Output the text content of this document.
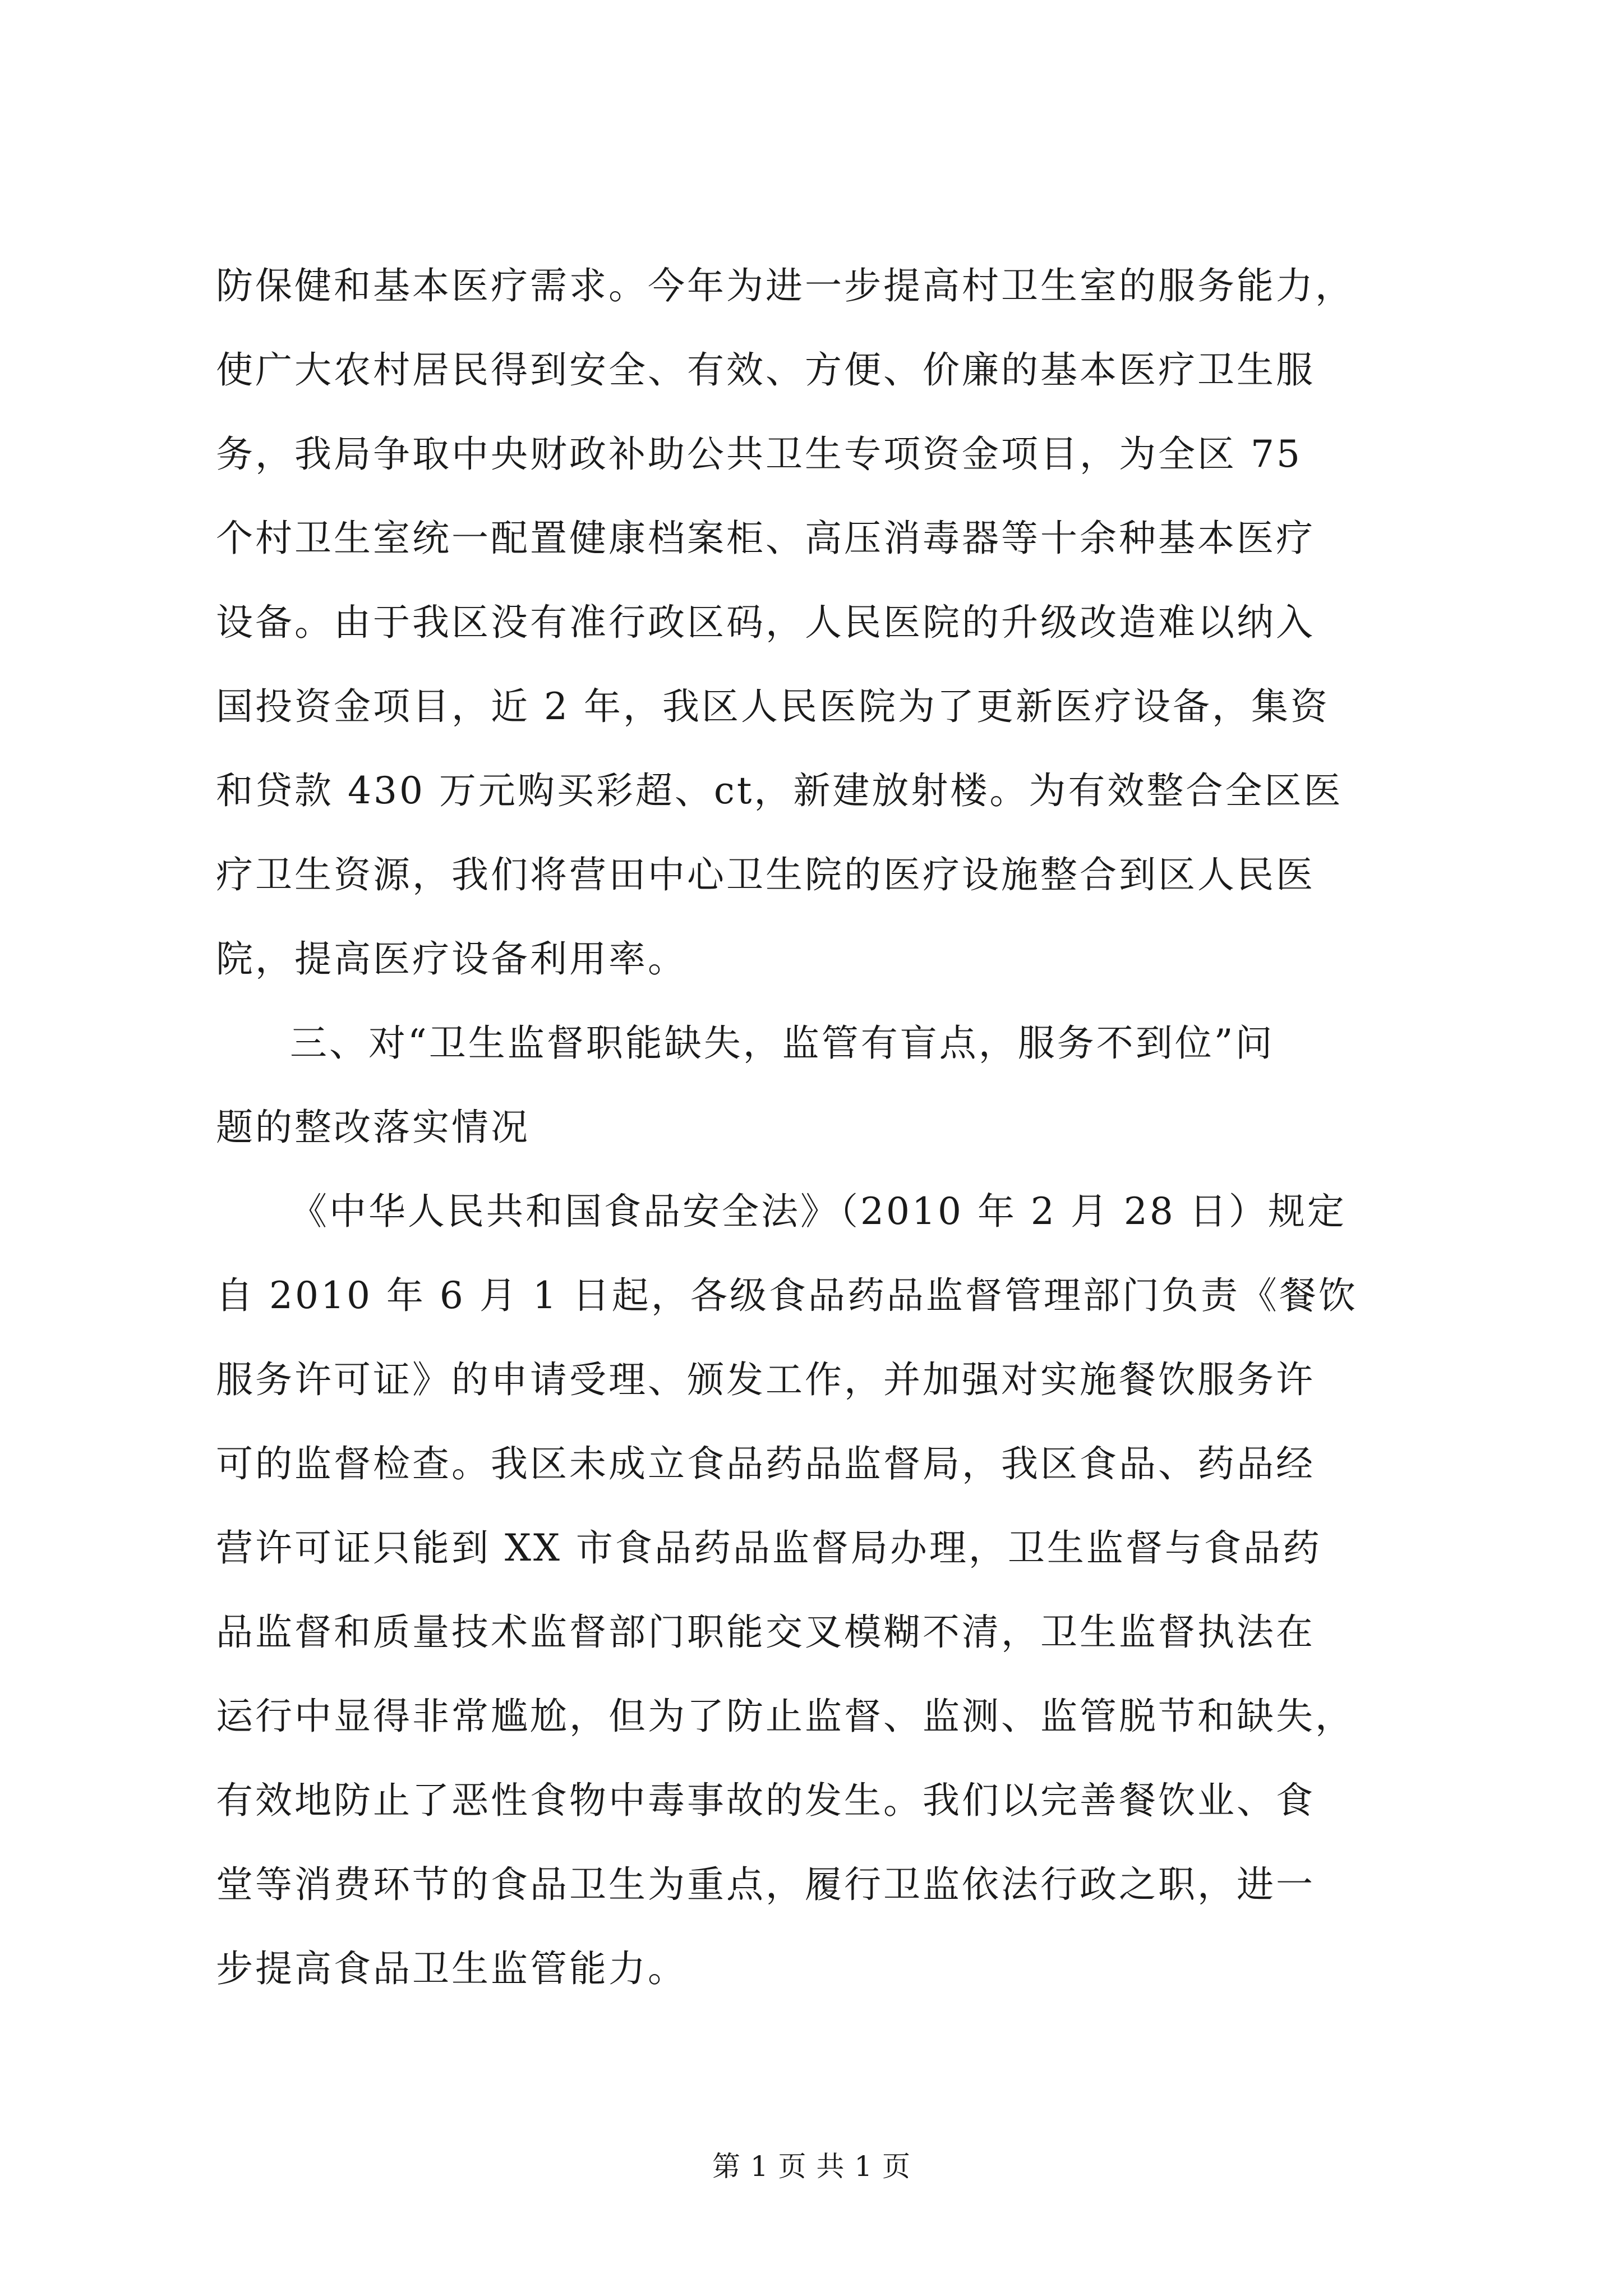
防保健和基本医疗需求。今年为进一步提高村卫生室的服务能力，
使广大农村居民得到安全、有效、方便、价廉的基本医疗卫生服
务，我局争取中央财政补助公共卫生专项资金项目，为全区 75
个村卫生室统一配置健康档案柜、高压消毒器等十余种基本医疗
设备。由于我区没有准行政区码，人民医院的升级改造难以纳入
国投资金项目，近 2 年，我区人民医院为了更新医疗设备，集资
和贷款 430 万元购买彩超、ct，新建放射楼。为有效整合全区医
疗卫生资源，我们将营田中心卫生院的医疗设施整合到区人民医
院，提高医疗设备利用率。
三、对“卫生监督职能缺失，监管有盲点，服务不到位”问
题的整改落实情况
《中华人民共和国食品安全法》（2010 年 2 月 28 日）规定
自 2010 年 6 月 1 日起，各级食品药品监督管理部门负责《餐饮
服务许可证》的申请受理、颁发工作，并加强对实施餐饮服务许
可的监督检查。我区未成立食品药品监督局，我区食品、药品经
营许可证只能到 XX 市食品药品监督局办理，卫生监督与食品药
品监督和质量技术监督部门职能交叉模糊不清，卫生监督执法在
运行中显得非常尴尬，但为了防止监督、监测、监管脱节和缺失，
有效地防止了恶性食物中毒事故的发生。我们以完善餐饮业、食
堂等消费环节的食品卫生为重点，履行卫监依法行政之职，进一
步提高食品卫生监管能力。
第 1 页 共 1 页
